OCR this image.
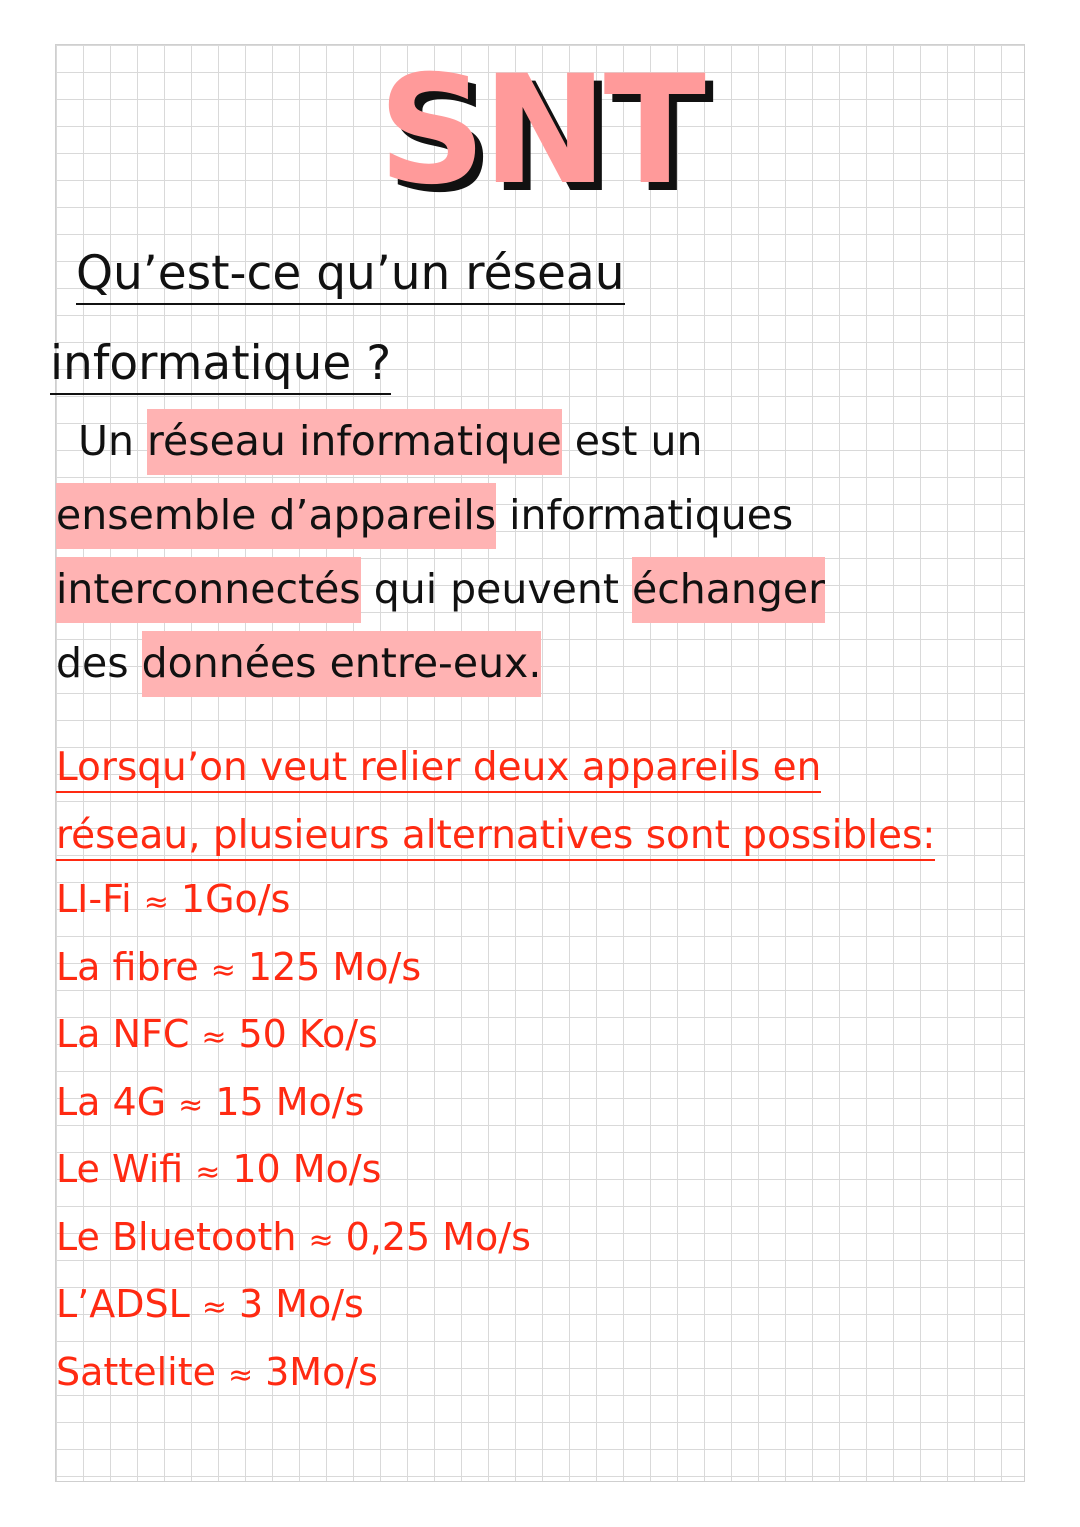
SNT
Qu’est-ce qu’un réseau
informatique ?
Un réseau informatique est un
ensemble d’appareils informatiques
interconnectés qui peuvent échanger
des données entre-eux.
Lorsqu’on veut relier deux appareils en
réseau, plusieurs alternatives sont possibles:
LI-Fi ≈ 1Go/s
La fibre ≈ 125 Mo/s
La NFC ≈ 50 Ko/s
La 4G ≈ 15 Mo/s
Le Wifi ≈ 10 Mo/s
Le Bluetooth ≈ 0,25 Mo/s
L’ADSL ≈ 3 Mo/s
Sattelite ≈ 3Mo/s
